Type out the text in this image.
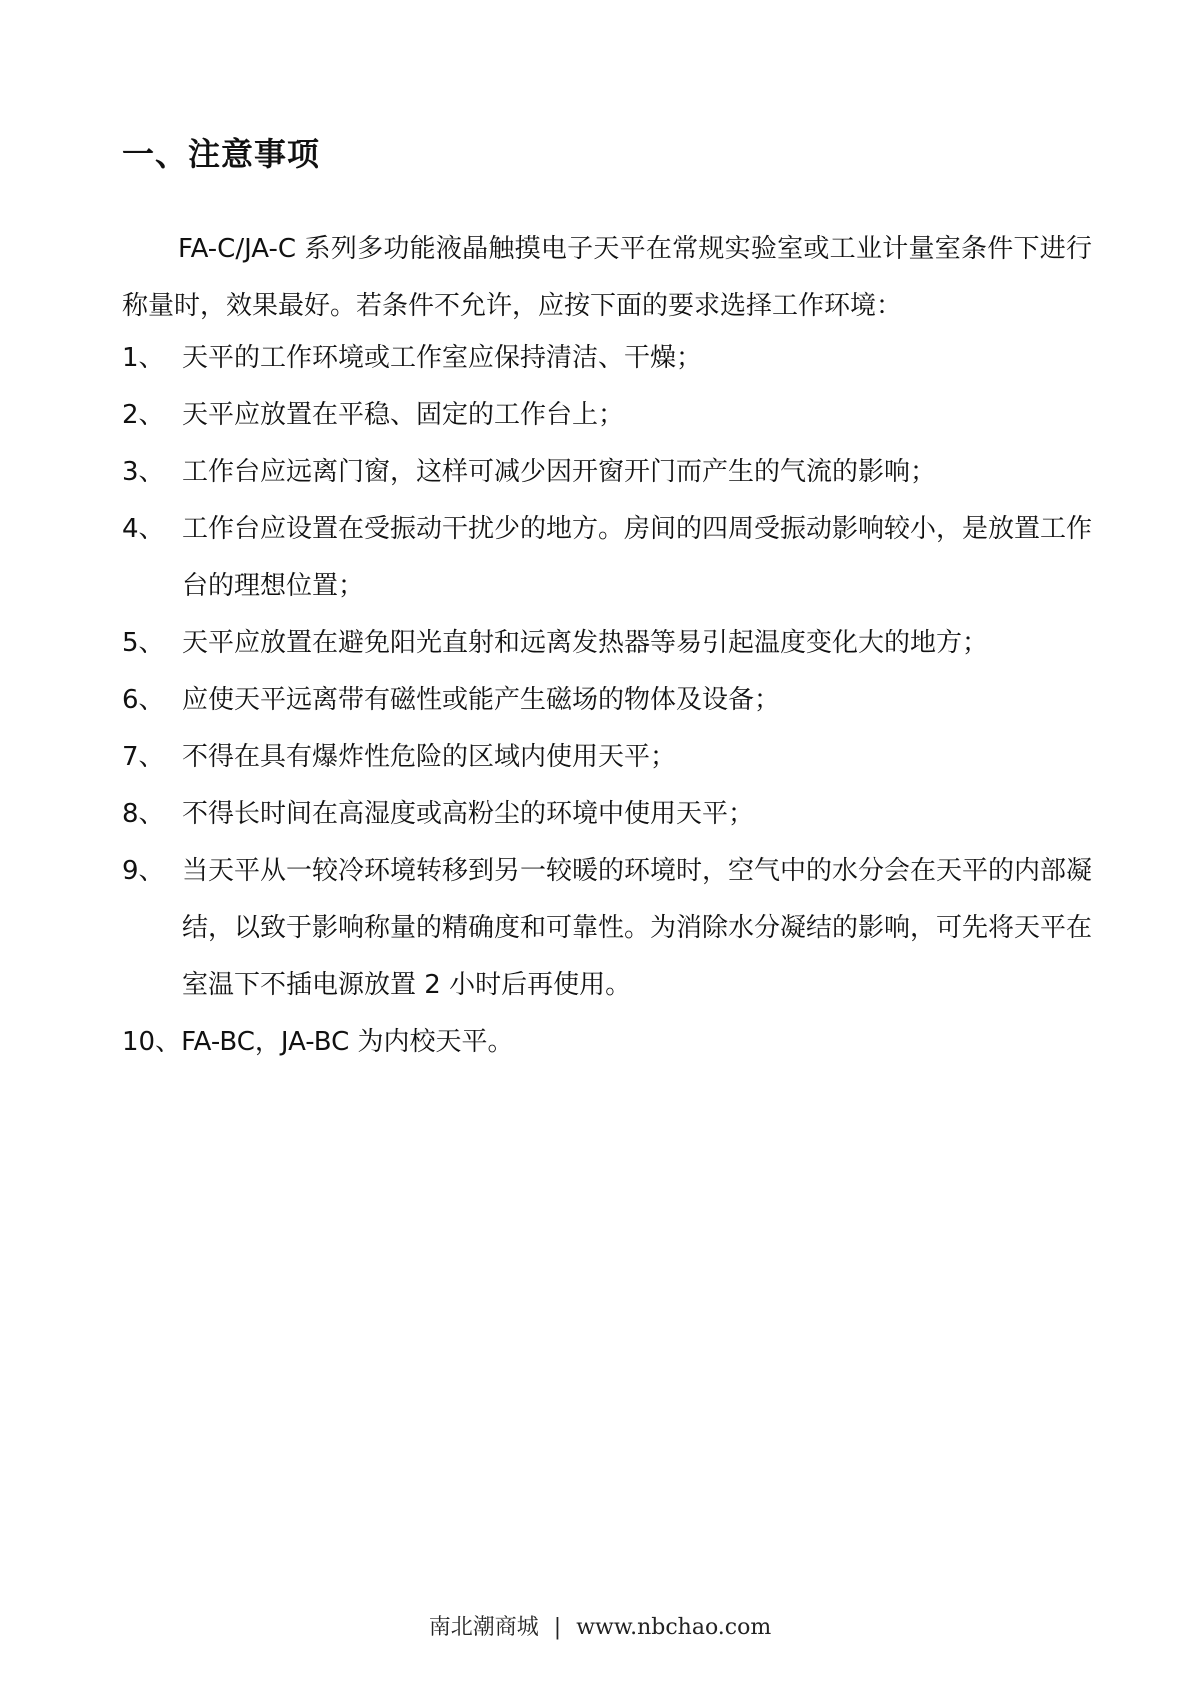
一、注意事项

FA-C/JA-C 系列多功能液晶触摸电子天平在常规实验室或工业计量室条件下进行称量时，效果最好。若条件不允许，应按下面的要求选择工作环境：

1、 天平的工作环境或工作室应保持清洁、干燥；
2、 天平应放置在平稳、固定的工作台上；
3、 工作台应远离门窗，这样可减少因开窗开门而产生的气流的影响；
4、 工作台应设置在受振动干扰少的地方。房间的四周受振动影响较小，是放置工作台的理想位置；
5、 天平应放置在避免阳光直射和远离发热器等易引起温度变化大的地方；
6、 应使天平远离带有磁性或能产生磁场的物体及设备；
7、 不得在具有爆炸性危险的区域内使用天平；
8、 不得长时间在高湿度或高粉尘的环境中使用天平；
9、 当天平从一较冷环境转移到另一较暖的环境时，空气中的水分会在天平的内部凝结，以致于影响称量的精确度和可靠性。为消除水分凝结的影响，可先将天平在室温下不插电源放置 2 小时后再使用。
10、 FA-BC，JA-BC 为内校天平。
南北潮商城 | www.nbchao.com
